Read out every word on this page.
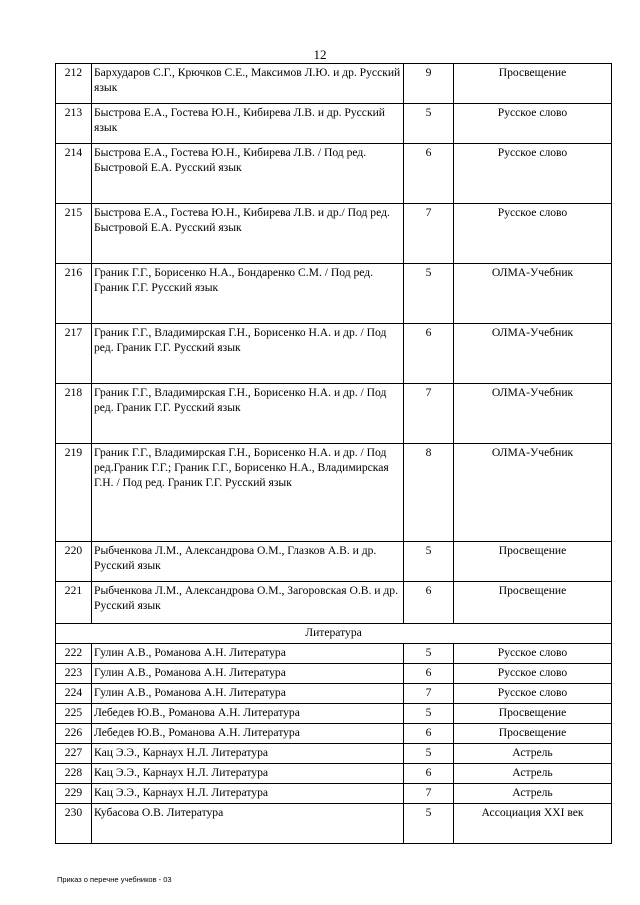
12
212	Бархударов С.Г., Крючков С.Е., Максимов Л.Ю. и др. Русский язык	9	Просвещение
213	Быстрова Е.А., Гостева Ю.Н., Кибирева Л.В. и др. Русский язык	5	Русское слово
214	Быстрова Е.А., Гостева Ю.Н., Кибирева Л.В. / Под ред. Быстровой Е.А. Русский язык	6	Русское слово
215	Быстрова Е.А., Гостева Ю.Н., Кибирева Л.В. и др./ Под ред. Быстровой Е.А. Русский язык	7	Русское слово
216	Граник Г.Г., Борисенко Н.А., Бондаренко С.М. / Под ред. Граник Г.Г. Русский язык	5	ОЛМА-Учебник
217	Граник Г.Г., Владимирская Г.Н., Борисенко Н.А. и др. / Под ред. Граник Г.Г. Русский язык	6	ОЛМА-Учебник
218	Граник Г.Г., Владимирская Г.Н., Борисенко Н.А. и др. / Под ред. Граник Г.Г. Русский язык	7	ОЛМА-Учебник
219	Граник Г.Г., Владимирская Г.Н., Борисенко Н.А. и др. / Под ред.Граник Г.Г.; Граник Г.Г., Борисенко Н.А., Владимирская Г.Н. / Под ред. Граник Г.Г. Русский язык	8	ОЛМА-Учебник
220	Рыбченкова Л.М., Александрова О.М., Глазков А.В. и др. Русский язык	5	Просвещение
221	Рыбченкова Л.М., Александрова О.М., Загоровская О.В. и др. Русский язык	6	Просвещение
Литература			
222	Гулин А.В., Романова А.Н. Литература	5	Русское слово
223	Гулин А.В., Романова А.Н. Литература	6	Русское слово
224	Гулин А.В., Романова А.Н. Литература	7	Русское слово
225	Лебедев Ю.В., Романова А.Н. Литература	5	Просвещение
226	Лебедев Ю.В., Романова А.Н. Литература	6	Просвещение
227	Кац Э.Э., Карнаух Н.Л. Литература	5	Астрель
228	Кац Э.Э., Карнаух Н.Л. Литература	6	Астрель
229	Кац Э.Э., Карнаух Н.Л. Литература	7	Астрель
230	Кубасова О.В. Литература	5	Ассоциация XXI век
Приказ о перечне учебников - 03
